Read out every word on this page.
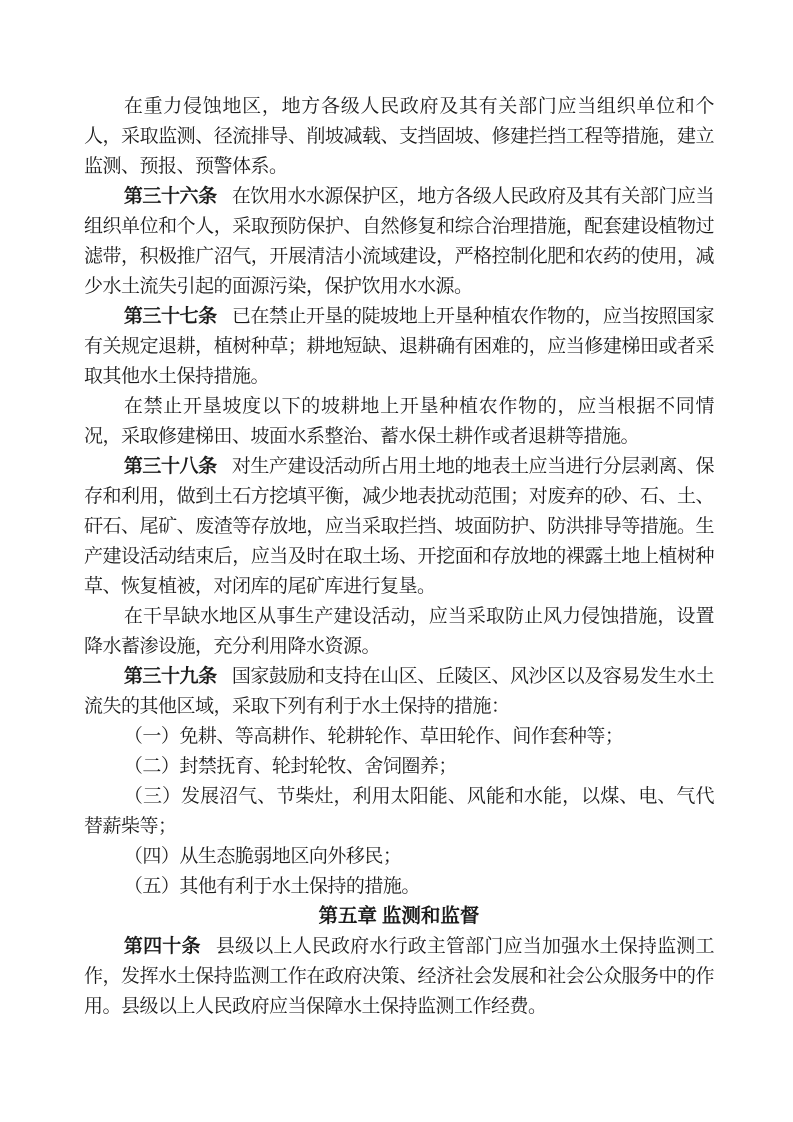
在重力侵蚀地区，地方各级人民政府及其有关部门应当组织单位和个人，采取监测、径流排导、削坡减载、支挡固坡、修建拦挡工程等措施，建立监测、预报、预警体系。

第三十六条 在饮用水水源保护区，地方各级人民政府及其有关部门应当组织单位和个人，采取预防保护、自然修复和综合治理措施，配套建设植物过滤带，积极推广沼气，开展清洁小流域建设，严格控制化肥和农药的使用，减少水土流失引起的面源污染，保护饮用水水源。

第三十七条 已在禁止开垦的陡坡地上开垦种植农作物的，应当按照国家有关规定退耕，植树种草；耕地短缺、退耕确有困难的，应当修建梯田或者采取其他水土保持措施。

在禁止开垦坡度以下的坡耕地上开垦种植农作物的，应当根据不同情况，采取修建梯田、坡面水系整治、蓄水保土耕作或者退耕等措施。

第三十八条 对生产建设活动所占用土地的地表土应当进行分层剥离、保存和利用，做到土石方挖填平衡，减少地表扰动范围；对废弃的砂、石、土、矸石、尾矿、废渣等存放地，应当采取拦挡、坡面防护、防洪排导等措施。生产建设活动结束后，应当及时在取土场、开挖面和存放地的裸露土地上植树种草、恢复植被，对闭库的尾矿库进行复垦。

在干旱缺水地区从事生产建设活动，应当采取防止风力侵蚀措施，设置降水蓄渗设施，充分利用降水资源。

第三十九条 国家鼓励和支持在山区、丘陵区、风沙区以及容易发生水土流失的其他区域，采取下列有利于水土保持的措施：

（一）免耕、等高耕作、轮耕轮作、草田轮作、间作套种等；

（二）封禁抚育、轮封轮牧、舍饲圈养；

（三）发展沼气、节柴灶，利用太阳能、风能和水能，以煤、电、气代替薪柴等；

（四）从生态脆弱地区向外移民；

（五）其他有利于水土保持的措施。

第五章 监测和监督

第四十条 县级以上人民政府水行政主管部门应当加强水土保持监测工作，发挥水土保持监测工作在政府决策、经济社会发展和社会公众服务中的作用。县级以上人民政府应当保障水土保持监测工作经费。
